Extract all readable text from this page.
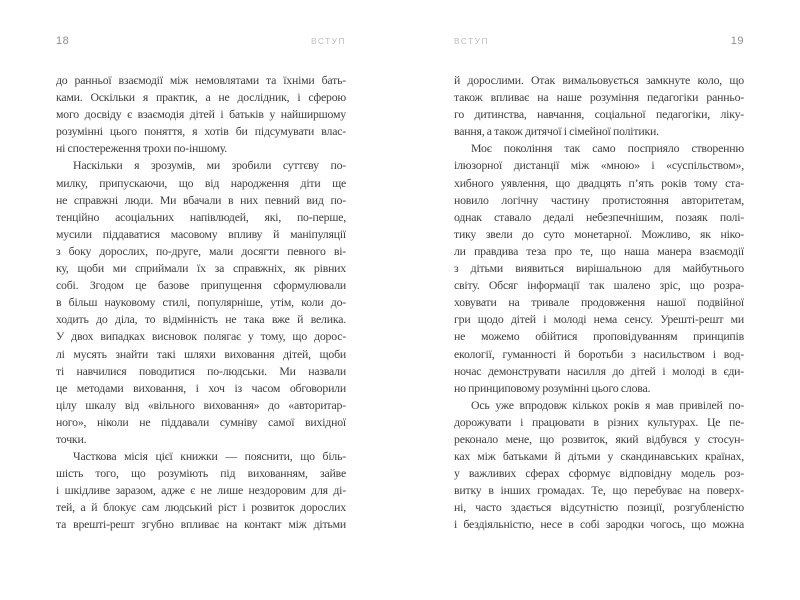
18	ВСТУП
до ранньої взаємодії між немовлятами та їхніми бать-
ками. Оскільки я практик, а не дослідник, і сферою
мого досвіду є взаємодія дітей і батьків у найширшому
розумінні цього поняття, я хотів би підсумувати влас-
ні спостереження трохи по-іншому.
Наскільки я зрозумів, ми зробили суттєву по-
милку, припускаючи, що від народження діти ще
не справжні люди. Ми вбачали в них певний вид по-
тенційно асоціальних напівлюдей, які, по-перше,
мусили піддаватися масовому впливу й маніпуляції
з боку дорослих, по-друге, мали досягти певного ві-
ку, щоби ми сприймали їх за справжніх, як рівних
собі. Згодом це базове припущення сформулювали
в більш науковому стилі, популярніше, утім, коли до-
ходить до діла, то відмінність не така вже й велика.
У двох випадках висновок полягає у тому, що дорос-
лі мусять знайти такі шляхи виховання дітей, щоби
ті навчилися поводитися по-людськи. Ми назвали
це методами виховання, і хоч із часом обговорили
цілу шкалу від «вільного виховання» до «авторитар-
ного», ніколи не піддавали сумніву самої вихідної
точки.
Часткова місія цієї книжки — пояснити, що біль-
шість того, що розуміють під вихованням, зайве
і шкідливе заразом, адже є не лише нездоровим для ді-
тей, а й блокує сам людський ріст і розвиток дорослих
та врешті-решт згубно впливає на контакт між дітьми
ВСТУП	19
й дорослими. Отак вимальовується замкнуте коло, що
також впливає на наше розуміння педагогіки ранньо-
го дитинства, навчання, соціальної педагогіки, ліку-
вання, а також дитячої і сімейної політики.
Моє покоління так само посприяло створенню
ілюзорної дистанції між «мною» і «суспільством»,
хибного уявлення, що двадцять п’ять років тому ста-
новило логічну частину протистояння авторитетам,
однак ставало дедалі небезпечнішим, позаяк полі-
тику звели до суто монетарної. Можливо, як ніко-
ли правдива теза про те, що наша манера взаємодії
з дітьми виявиться вирішальною для майбутнього
світу. Обсяг інформації так шалено зріс, що розра-
ховувати на тривале продовження нашої подвійної
гри щодо дітей і молоді нема сенсу. Урешті-решт ми
не можемо обійтися проповідуванням принципів
екології, гуманності й боротьби з насильством і вод-
ночас демонструвати насилля до дітей і молоді в єди-
но принциповому розумінні цього слова.
Ось уже впродовж кількох років я мав привілей по-
дорожувати і працювати в різних культурах. Це пе-
реконало мене, що розвиток, який відбувся у стосун-
ках між батьками й дітьми у скандинавських країнах,
у важливих сферах сформує відповідну модель роз-
витку в інших громадах. Те, що перебуває на поверх-
ні, часто здається відсутністю позиції, розгубленістю
і бездіяльністю, несе в собі зародки чогось, що можна
